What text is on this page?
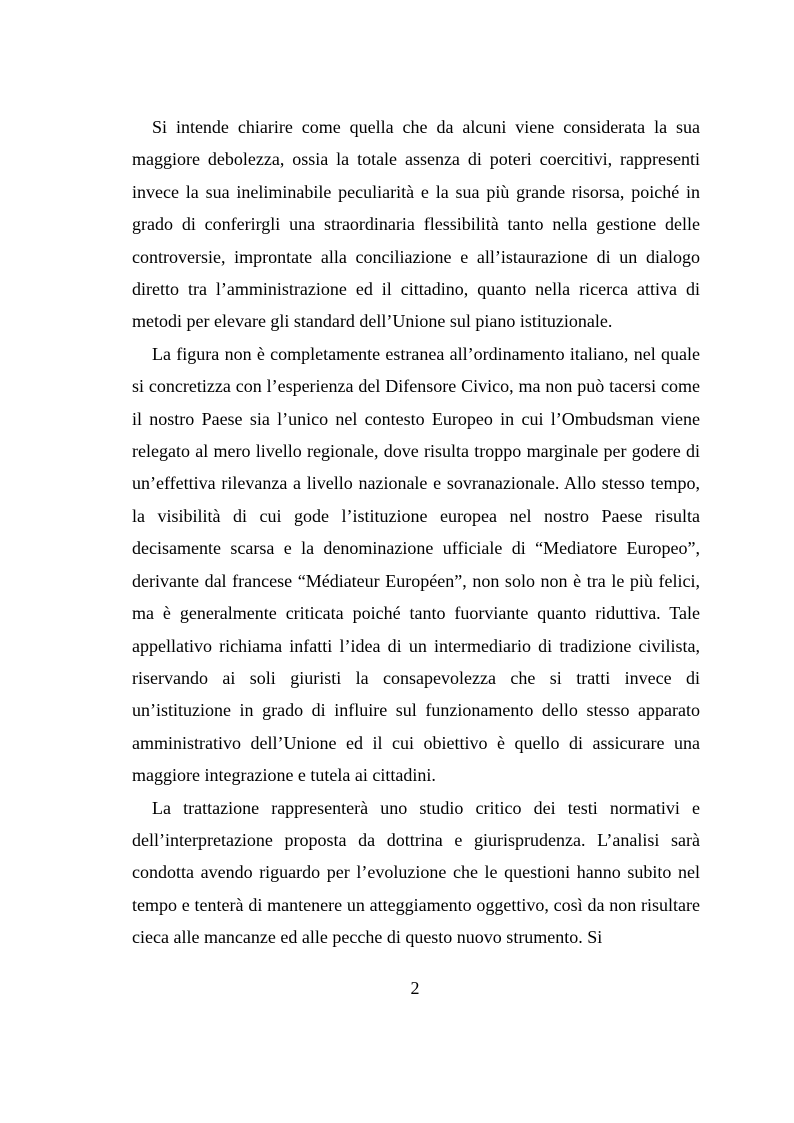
Si intende chiarire come quella che da alcuni viene considerata la sua maggiore debolezza, ossia la totale assenza di poteri coercitivi, rappresenti invece la sua ineliminabile peculiarità e la sua più grande risorsa, poiché in grado di conferirgli una straordinaria flessibilità tanto nella gestione delle controversie, improntate alla conciliazione e all’istaurazione di un dialogo diretto tra l’amministrazione ed il cittadino, quanto nella ricerca attiva di metodi per elevare gli standard dell’Unione sul piano istituzionale.

La figura non è completamente estranea all’ordinamento italiano, nel quale si concretizza con l’esperienza del Difensore Civico, ma non può tacersi come il nostro Paese sia l’unico nel contesto Europeo in cui l’Ombudsman viene relegato al mero livello regionale, dove risulta troppo marginale per godere di un’effettiva rilevanza a livello nazionale e sovranazionale. Allo stesso tempo, la visibilità di cui gode l’istituzione europea nel nostro Paese risulta decisamente scarsa e la denominazione ufficiale di “Mediatore Europeo”, derivante dal francese “Médiateur Européen”, non solo non è tra le più felici, ma è generalmente criticata poiché tanto fuorviante quanto riduttiva. Tale appellativo richiama infatti l’idea di un intermediario di tradizione civilista, riservando ai soli giuristi la consapevolezza che si tratti invece di un’istituzione in grado di influire sul funzionamento dello stesso apparato amministrativo dell’Unione ed il cui obiettivo è quello di assicurare una maggiore integrazione e tutela ai cittadini.

La trattazione rappresenterà uno studio critico dei testi normativi e dell’interpretazione proposta da dottrina e giurisprudenza. L’analisi sarà condotta avendo riguardo per l’evoluzione che le questioni hanno subito nel tempo e tenterà di mantenere un atteggiamento oggettivo, così da non risultare cieca alle mancanze ed alle pecche di questo nuovo strumento. Si

2
